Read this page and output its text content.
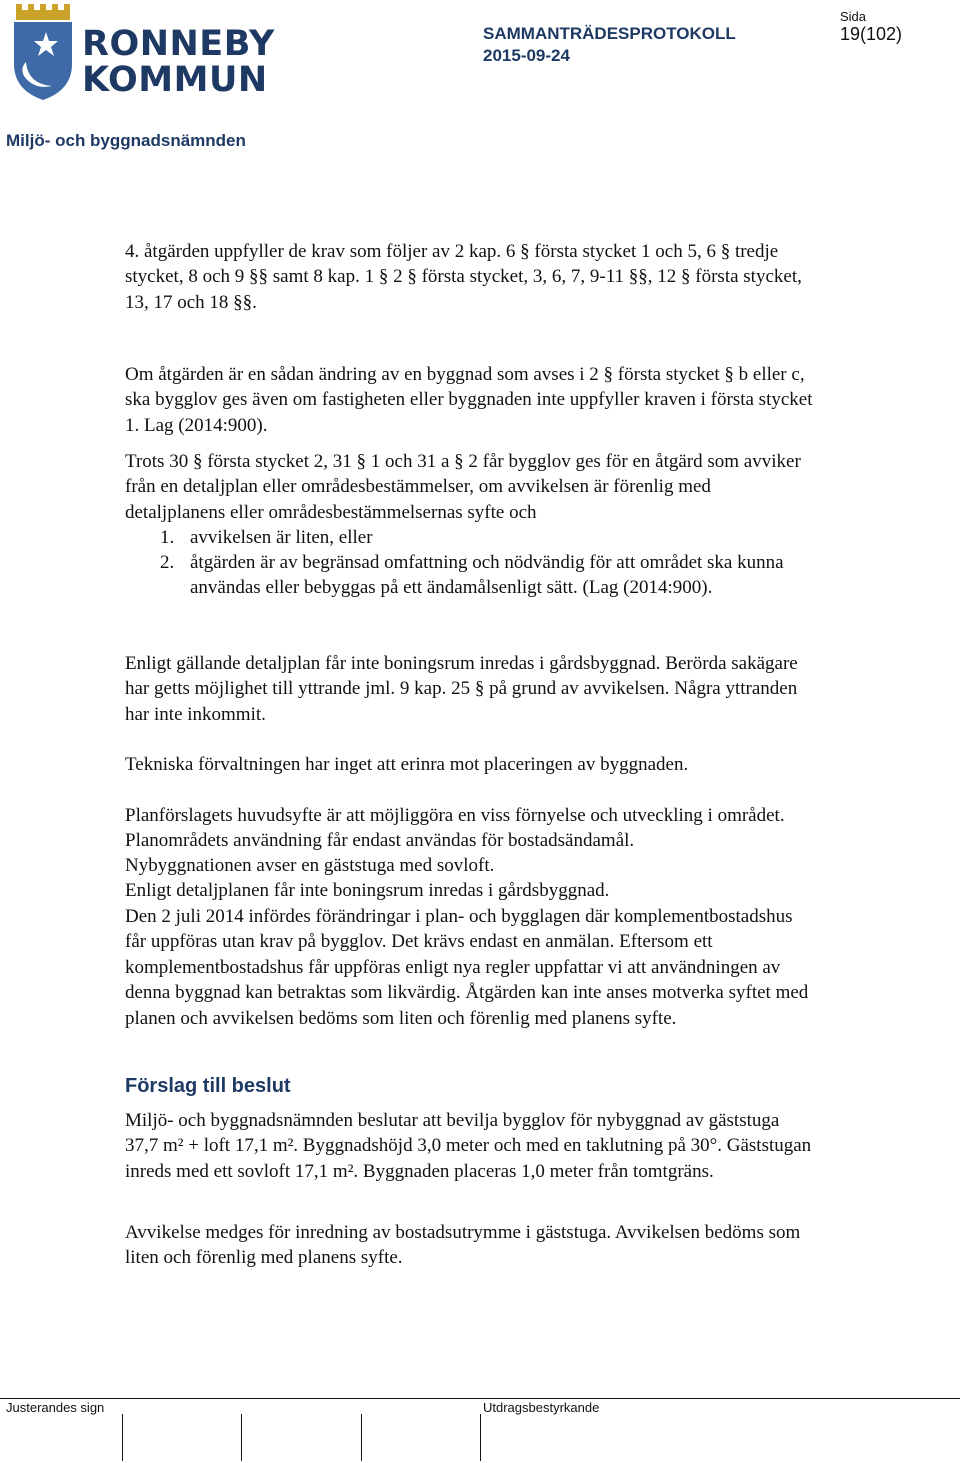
RONNEBY
KOMMUN
SAMMANTRÄDESPROTOKOLL
2015-09-24
Sida
19(102)
Miljö- och byggnadsnämnden

4. åtgärden uppfyller de krav som följer av 2 kap. 6 § första stycket 1 och 5, 6 § tredje stycket, 8 och 9 §§ samt 8 kap. 1 § 2 § första stycket, 3, 6, 7, 9-11 §§, 12 § första stycket, 13, 17 och 18 §§.

Om åtgärden är en sådan ändring av en byggnad som avses i 2 § första stycket § b eller c, ska bygglov ges även om fastigheten eller byggnaden inte uppfyller kraven i första stycket 1. Lag (2014:900).

Trots 30 § första stycket 2, 31 § 1 och 31 a § 2 får bygglov ges för en åtgärd som avviker från en detaljplan eller områdesbestämmelser, om avvikelsen är förenlig med detaljplanens eller områdesbestämmelsernas syfte och

1. avvikelsen är liten, eller
2. åtgärden är av begränsad omfattning och nödvändig för att området ska kunna användas eller bebyggas på ett ändamålsenligt sätt. (Lag (2014:900).

Enligt gällande detaljplan får inte boningsrum inredas i gårdsbyggnad. Berörda sakägare har getts möjlighet till yttrande jml. 9 kap. 25 § på grund av avvikelsen. Några yttranden har inte inkommit.

Tekniska förvaltningen har inget att erinra mot placeringen av byggnaden.

Planförslagets huvudsyfte är att möjliggöra en viss förnyelse och utveckling i området. Planområdets användning får endast användas för bostadsändamål.

Nybyggnationen avser en gäststuga med sovloft.

Enligt detaljplanen får inte boningsrum inredas i gårdsbyggnad.

Den 2 juli 2014 infördes förändringar i plan- och bygglagen där komplementbostadshus får uppföras utan krav på bygglov. Det krävs endast en anmälan. Eftersom ett komplementbostadshus får uppföras enligt nya regler uppfattar vi att användningen av denna byggnad kan betraktas som likvärdig. Åtgärden kan inte anses motverka syftet med planen och avvikelsen bedöms som liten och förenlig med planens syfte.

Förslag till beslut

Miljö- och byggnadsnämnden beslutar att bevilja bygglov för nybyggnad av gäststuga 37,7 m² + loft 17,1 m². Byggnadshöjd 3,0 meter och med en taklutning på 30°. Gäststugan inreds med ett sovloft 17,1 m². Byggnaden placeras 1,0 meter från tomtgräns.

Avvikelse medges för inredning av bostadsutrymme i gäststuga. Avvikelsen bedöms som liten och förenlig med planens syfte.

Justerandes sign	Utdragsbestyrkande
